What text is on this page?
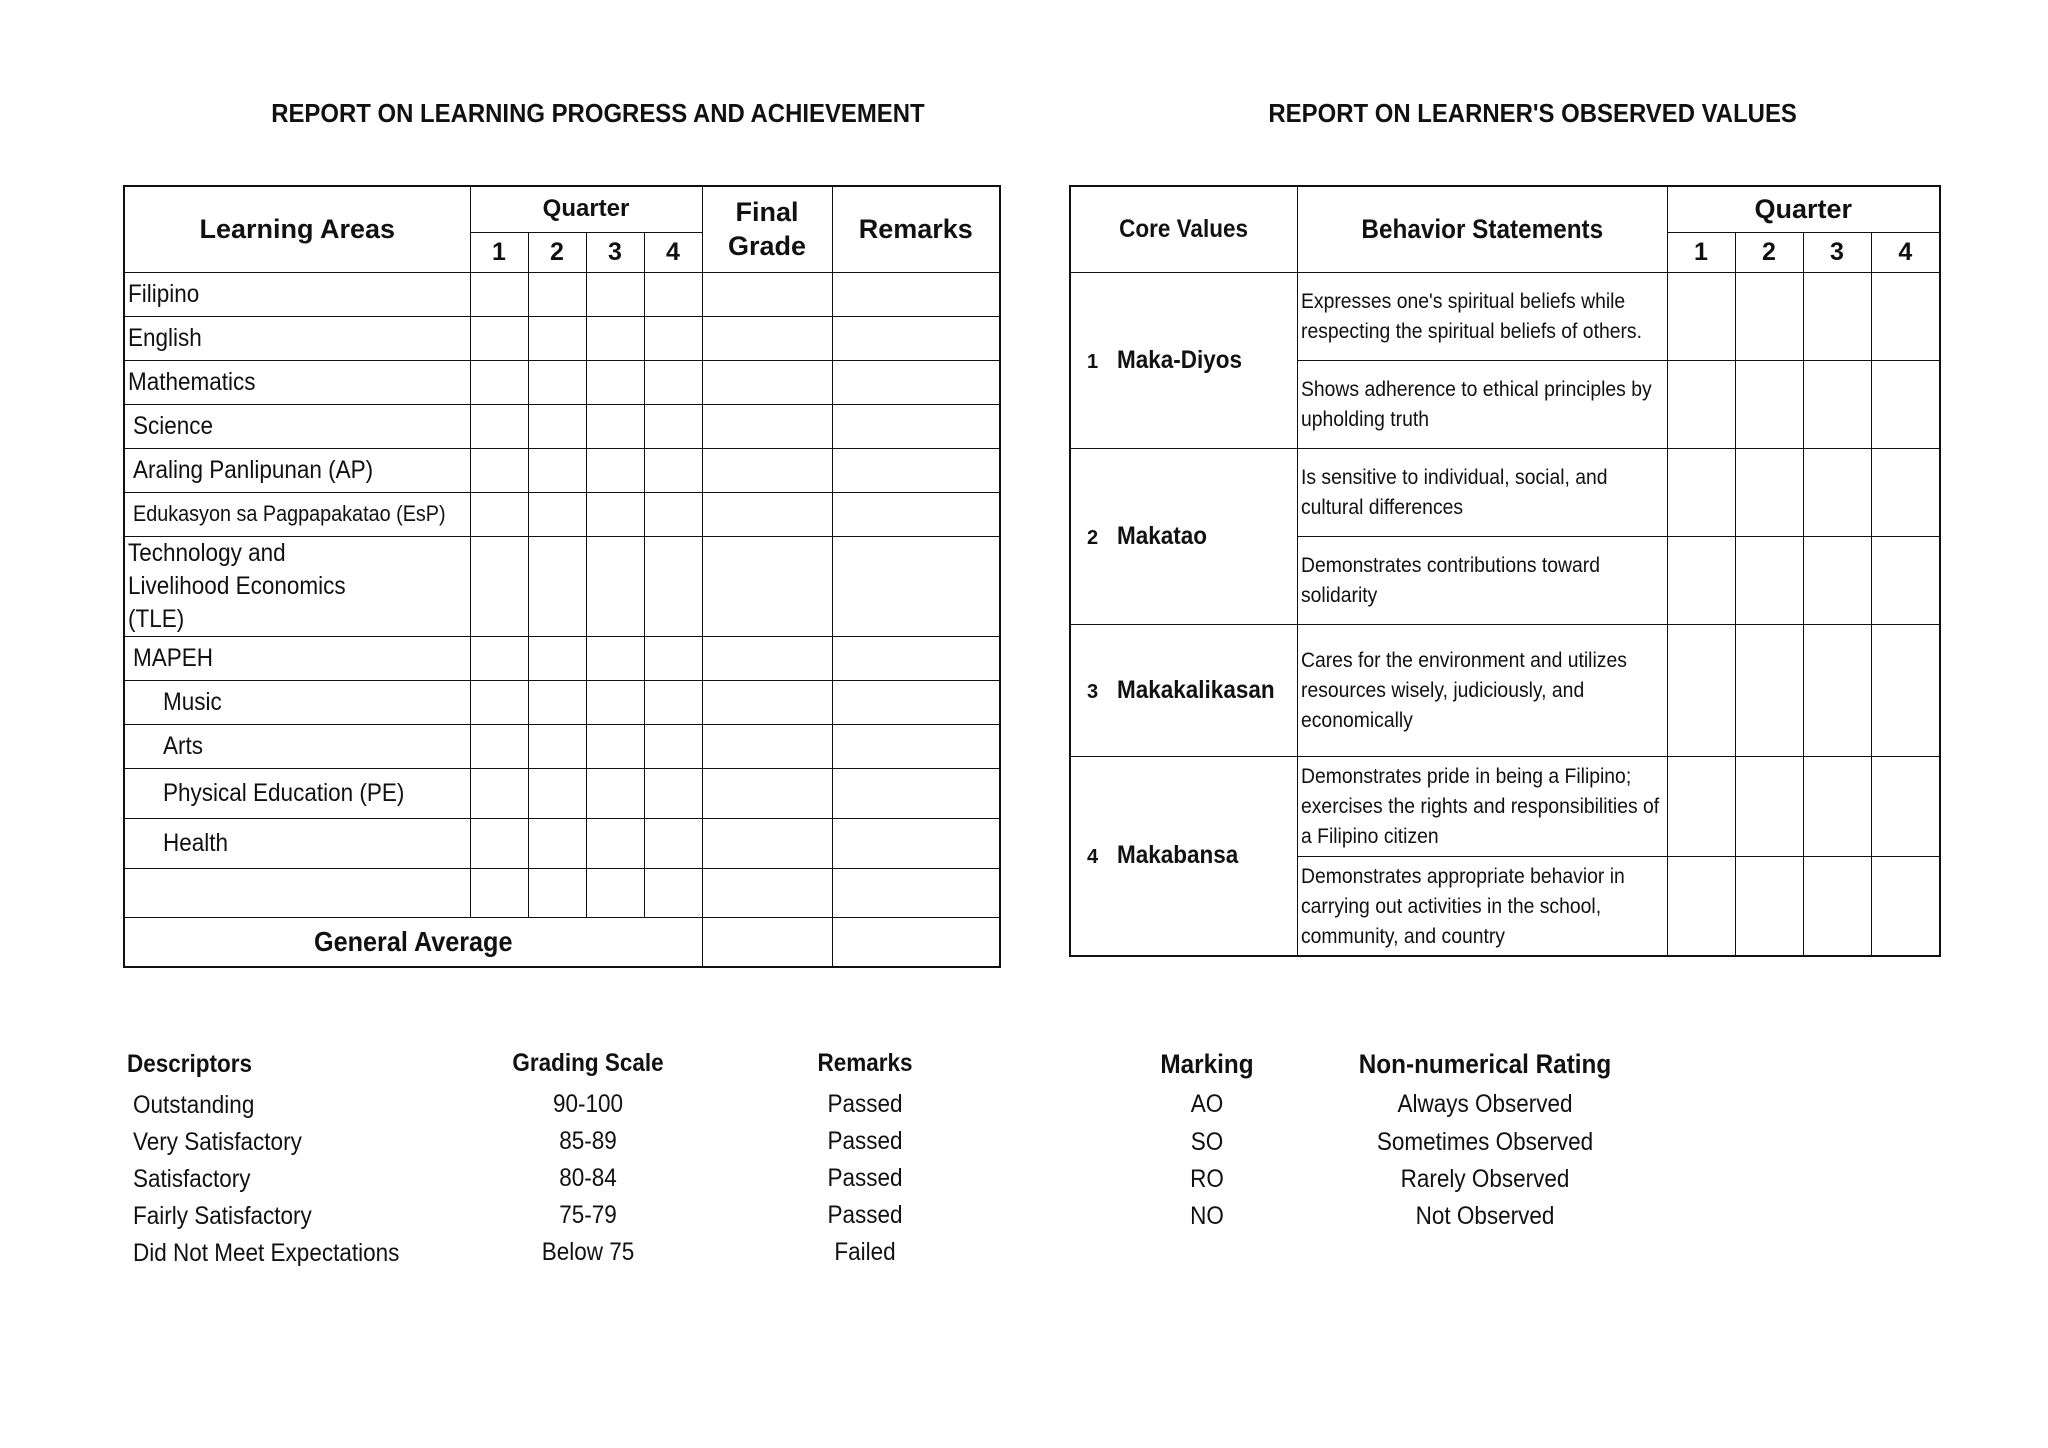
REPORT ON LEARNING PROGRESS AND ACHIEVEMENT	REPORT ON LEARNER'S OBSERVED VALUES
Learning Areas	Quarter				Final Grade	Remarks
	1	2	3	4		
Filipino						
English						
Mathematics						
Science						
Araling Panlipunan (AP)						
Edukasyon sa Pagpapakatao (EsP)						
Technology and Livelihood Economics (TLE)						
MAPEH						
Music						
Arts						
Physical Education (PE)						
Health						

General Average						
Core Values	Behavior Statements	Quarter			
		1	2	3	4
1 Maka-Diyos	Expresses one's spiritual beliefs while respecting the spiritual beliefs of others.				
	Shows adherence to ethical principles by upholding truth				
2 Makatao	Is sensitive to individual, social, and cultural differences				
	Demonstrates contributions toward solidarity				
3 Makakalikasan	Cares for the environment and utilizes resources wisely, judiciously, and economically				
4 Makabansa	Demonstrates pride in being a Filipino; exercises the rights and responsibilities of a Filipino citizen				
	Demonstrates appropriate behavior in carrying out activities in the school, community, and country				
Descriptors	Grading Scale	Remarks
Outstanding	90-100	Passed
Very Satisfactory	85-89	Passed
Satisfactory	80-84	Passed
Fairly Satisfactory	75-79	Passed
Did Not Meet Expectations	Below 75	Failed
Marking	Non-numerical Rating
AO	Always Observed
SO	Sometimes Observed
RO	Rarely Observed
NO	Not Observed
